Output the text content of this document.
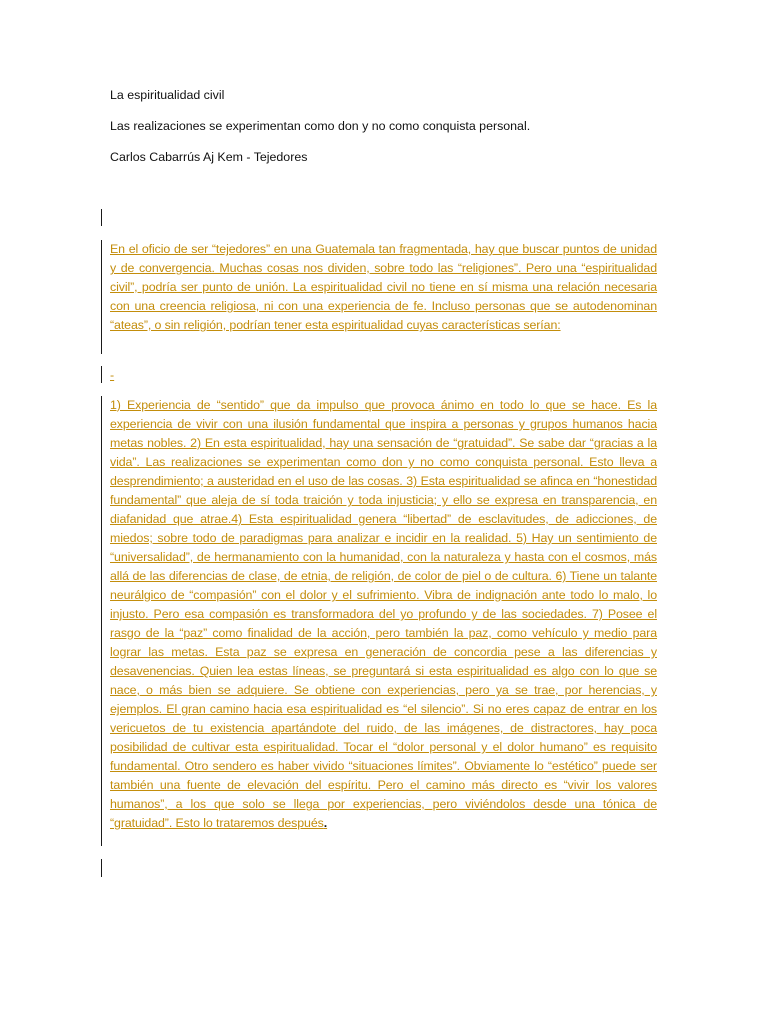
La espiritualidad civil
Las realizaciones se experimentan como don y no como conquista personal.
Carlos Cabarrús Aj Kem - Tejedores
En el oficio de ser “tejedores” en una Guatemala tan fragmentada, hay que buscar puntos de unidad y de convergencia. Muchas cosas nos dividen, sobre todo las “religiones”. Pero una “espiritualidad civil”, podría ser punto de unión. La espiritualidad civil no tiene en sí misma una relación necesaria con una creencia religiosa, ni con una experiencia de fe. Incluso personas que se autodenominan “ateas”, o sin religión, podrían tener esta espiritualidad cuyas características serían:
-
1) Experiencia de “sentido” que da impulso que provoca ánimo en todo lo que se hace. Es la experiencia de vivir con una ilusión fundamental que inspira a personas y grupos humanos hacia metas nobles. 2) En esta espiritualidad, hay una sensación de “gratuidad”. Se sabe dar “gracias a la vida”. Las realizaciones se experimentan como don y no como conquista personal. Esto lleva a desprendimiento; a austeridad en el uso de las cosas. 3) Esta espiritualidad se afinca en “honestidad fundamental” que aleja de sí toda traición y toda injusticia; y ello se expresa en transparencia, en diafanidad que atrae.4) Esta espiritualidad genera “libertad” de esclavitudes, de adicciones, de miedos; sobre todo de paradigmas para analizar e incidir en la realidad. 5) Hay un sentimiento de “universalidad”, de hermanamiento con la humanidad, con la naturaleza y hasta con el cosmos, más allá de las diferencias de clase, de etnia, de religión, de color de piel o de cultura. 6) Tiene un talante neurálgico de “compasión” con el dolor y el sufrimiento. Vibra de indignación ante todo lo malo, lo injusto. Pero esa compasión es transformadora del yo profundo y de las sociedades. 7) Posee el rasgo de la “paz” como finalidad de la acción, pero también la paz, como vehículo y medio para lograr las metas. Esta paz se expresa en generación de concordia pese a las diferencias y desavenencias. Quien lea estas líneas, se preguntará si esta espiritualidad es algo con lo que se nace, o más bien se adquiere. Se obtiene con experiencias, pero ya se trae, por herencias, y ejemplos. El gran camino hacia esa espiritualidad es “el silencio”. Si no eres capaz de entrar en los vericuetos de tu existencia apartándote del ruido, de las imágenes, de distractores, hay poca posibilidad de cultivar esta espiritualidad. Tocar el “dolor personal y el dolor humano” es requisito fundamental. Otro sendero es haber vivido “situaciones límites”. Obviamente lo “estético” puede ser también una fuente de elevación del espíritu. Pero el camino más directo es “vivir los valores humanos”, a los que solo se llega por experiencias, pero viviéndolos desde una tónica de “gratuidad”. Esto lo trataremos después.
